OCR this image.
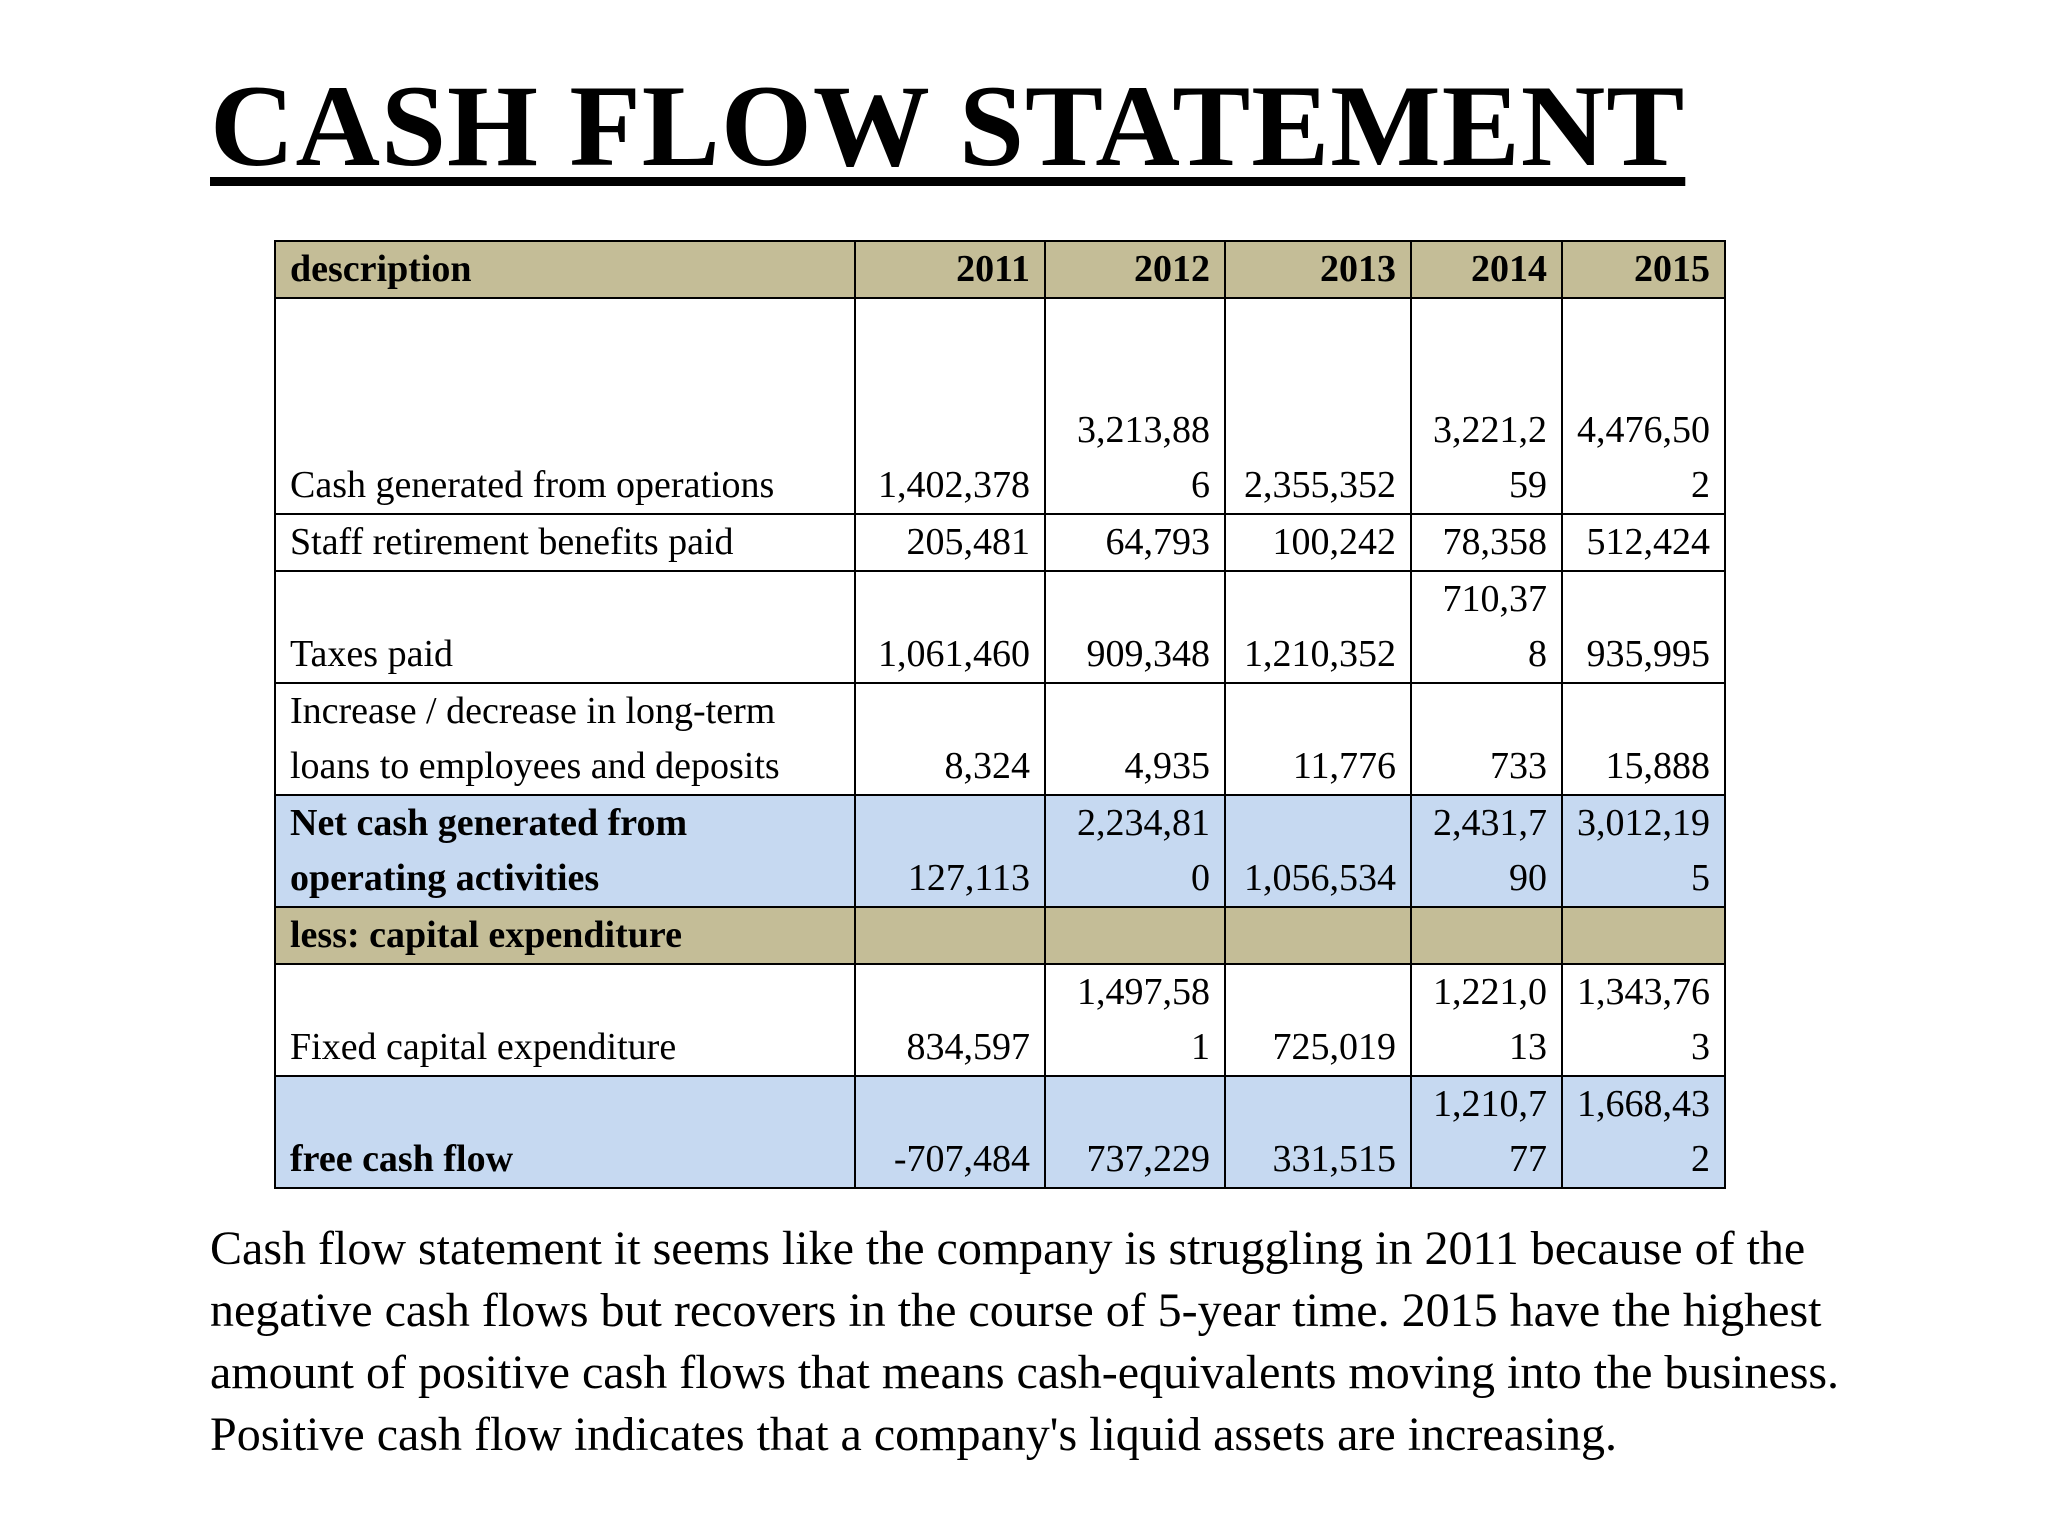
CASH FLOW STATEMENT
description	2011	2012	2013	2014	2015
Cash generated from operations	1,402,378	3,213,886	2,355,352	3,221,259	4,476,502
Staff retirement benefits paid	205,481	64,793	100,242	78,358	512,424
Taxes paid	1,061,460	909,348	1,210,352	710,378	935,995
Increase / decrease in long-term loans to employees and deposits	8,324	4,935	11,776	733	15,888
Net cash generated from operating activities	127,113	2,234,810	1,056,534	2,431,790	3,012,195
less: capital expenditure					
Fixed capital expenditure	834,597	1,497,581	725,019	1,221,013	1,343,763
free cash flow	-707,484	737,229	331,515	1,210,777	1,668,432

Cash flow statement it seems like the company is struggling in 2011 because of the negative cash flows but recovers in the course of 5-year time. 2015 have the highest amount of positive cash flows that means cash-equivalents moving into the business. Positive cash flow indicates that a company's liquid assets are increasing.
